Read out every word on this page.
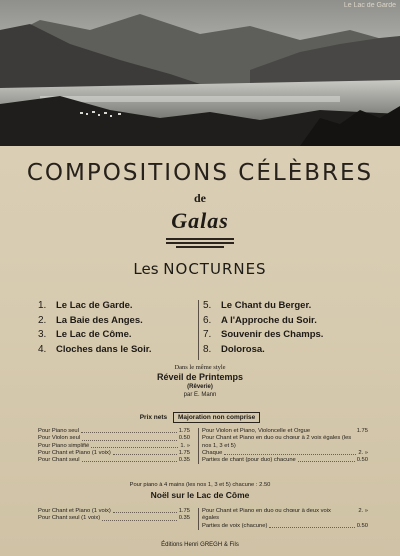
Le Lac de Garde
COMPOSITIONS CÉLÈBRES
de
Galas
Les NOCTURNES
1. Le Lac de Garde.
2. La Baie des Anges.
3. Le Lac de Côme.
4. Cloches dans le Soir.
5. Le Chant du Berger.
6. A l'Approche du Soir.
7. Souvenir des Champs.
8. Dolorosa.
Dans le même style
Réveil de Printemps
(Rêverie)
par E. Mann
Prix nets Majoration non comprise
Pour Piano seul	1.75
Pour Violon seul	0.50
Pour Piano simplifié	1. »
Pour Chant et Piano (1 voix)	1.75
Pour Chant seul	0.35
Pour Violon et Piano, Violoncelle et Orgue	1.75
Pour Chant et Piano en duo ou chœur à 2 voix égales (les nos 1, 3 et 5)
Chaque	2. »
Parties de chant (pour duo) chacune	0.50
Pour piano à 4 mains (les nos 1, 3 et 5) chacune : 2.50
Noël sur le Lac de Côme
Pour Chant et Piano (1 voix)	1.75
Pour Chant seul (1 voix)	0.35
Pour Chant et Piano en duo ou chœur à deux voix égales
2. »
Parties de voix (chacune)	0.50
Éditions Henri GREGH & Fils
